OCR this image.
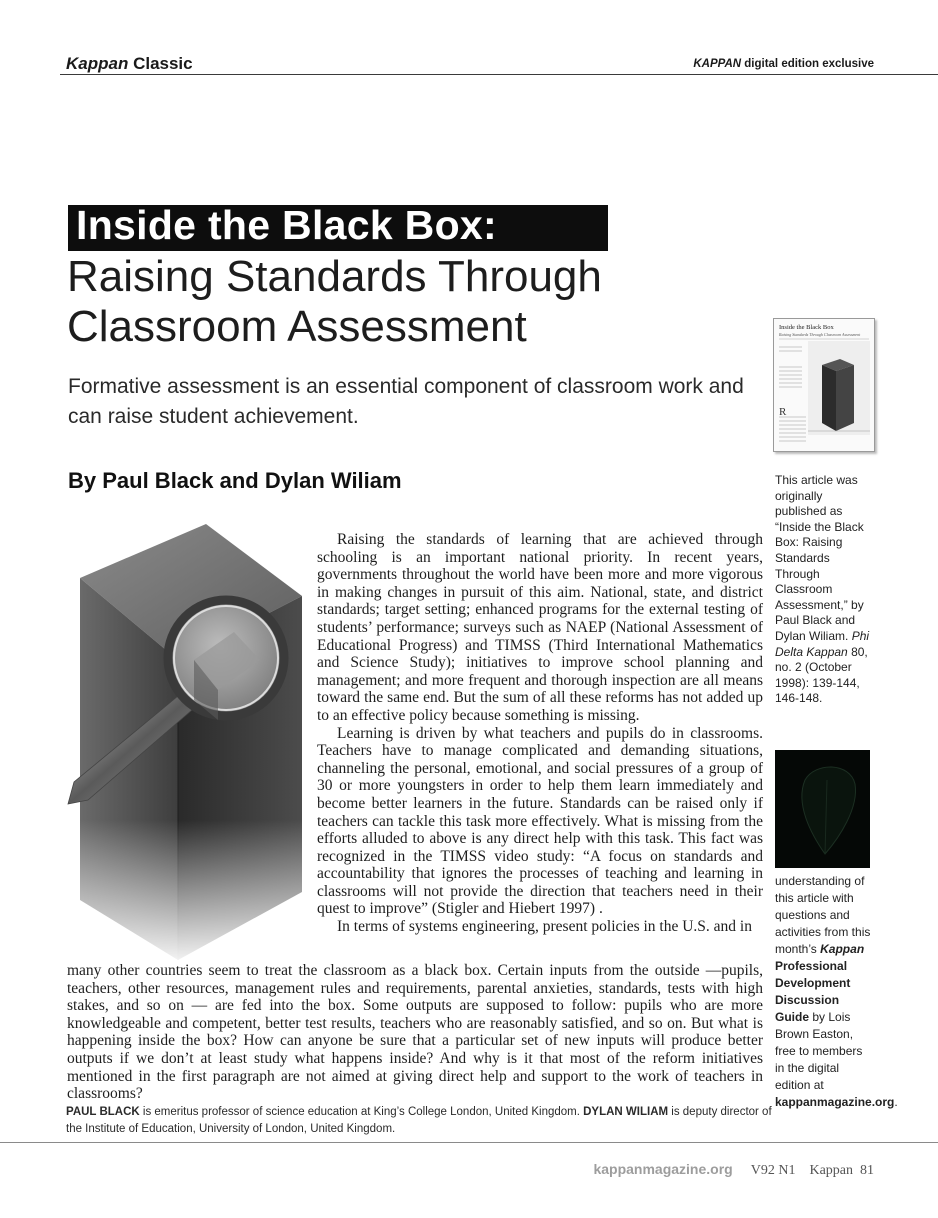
Kappan Classic	KAPPAN digital edition exclusive
Inside the Black Box:
Raising Standards Through Classroom Assessment
Formative assessment is an essential component of classroom work and can raise student achievement.
By Paul Black and Dylan Wiliam
Inside the Black Box
Raising Standards Through Classroom Assessment
R
This article was originally published as “Inside the Black Box: Raising Standards Through Classroom Assessment,” by Paul Black and Dylan Wiliam. Phi Delta Kappan 80, no. 2 (October 1998): 139-144, 146-148.
understanding of this article with questions and activities from this month’s Kappan Professional Development Discussion Guide by Lois Brown Easton, free to members in the digital edition at kappanmagazine.org.

Raising the standards of learning that are achieved through schooling is an important national priority. In recent years, governments throughout the world have been more and more vigorous in making changes in pursuit of this aim. National, state, and district standards; target setting; enhanced programs for the external testing of students’ performance; surveys such as NAEP (National Assessment of Educational Progress) and TIMSS (Third International Mathematics and Science Study); initiatives to improve school planning and management; and more frequent and thorough inspection are all means toward the same end. But the sum of all these reforms has not added up to an effective policy because something is missing.

Learning is driven by what teachers and pupils do in classrooms. Teachers have to manage complicated and demanding situations, channeling the personal, emotional, and social pressures of a group of 30 or more youngsters in order to help them learn immediately and become better learners in the future. Standards can be raised only if teachers can tackle this task more effectively. What is missing from the efforts alluded to above is any direct help with this task. This fact was recognized in the TIMSS video study: “A focus on standards and accountability that ignores the processes of teaching and learning in classrooms will not provide the direction that teachers need in their quest to improve” (Stigler and Hiebert 1997) .

In terms of systems engineering, present policies in the U.S. and in

many other countries seem to treat the classroom as a black box. Certain inputs from the outside —pupils, teachers, other resources, management rules and requirements, parental anxieties, standards, tests with high stakes, and so on — are fed into the box. Some outputs are supposed to follow: pupils who are more knowledgeable and competent, better test results, teachers who are reasonably satisfied, and so on. But what is happening inside the box? How can anyone be sure that a particular set of new inputs will produce better outputs if we don’t at least study what happens inside? And why is it that most of the reform initiatives mentioned in the first paragraph are not aimed at giving direct help and support to the work of teachers in classrooms?

PAUL BLACK is emeritus professor of science education at King’s College London, United Kingdom. DYLAN WILIAM is deputy director of the Institute of Education, University of London, United Kingdom.
kappanmagazine.org V92 N1 Kappan 81
